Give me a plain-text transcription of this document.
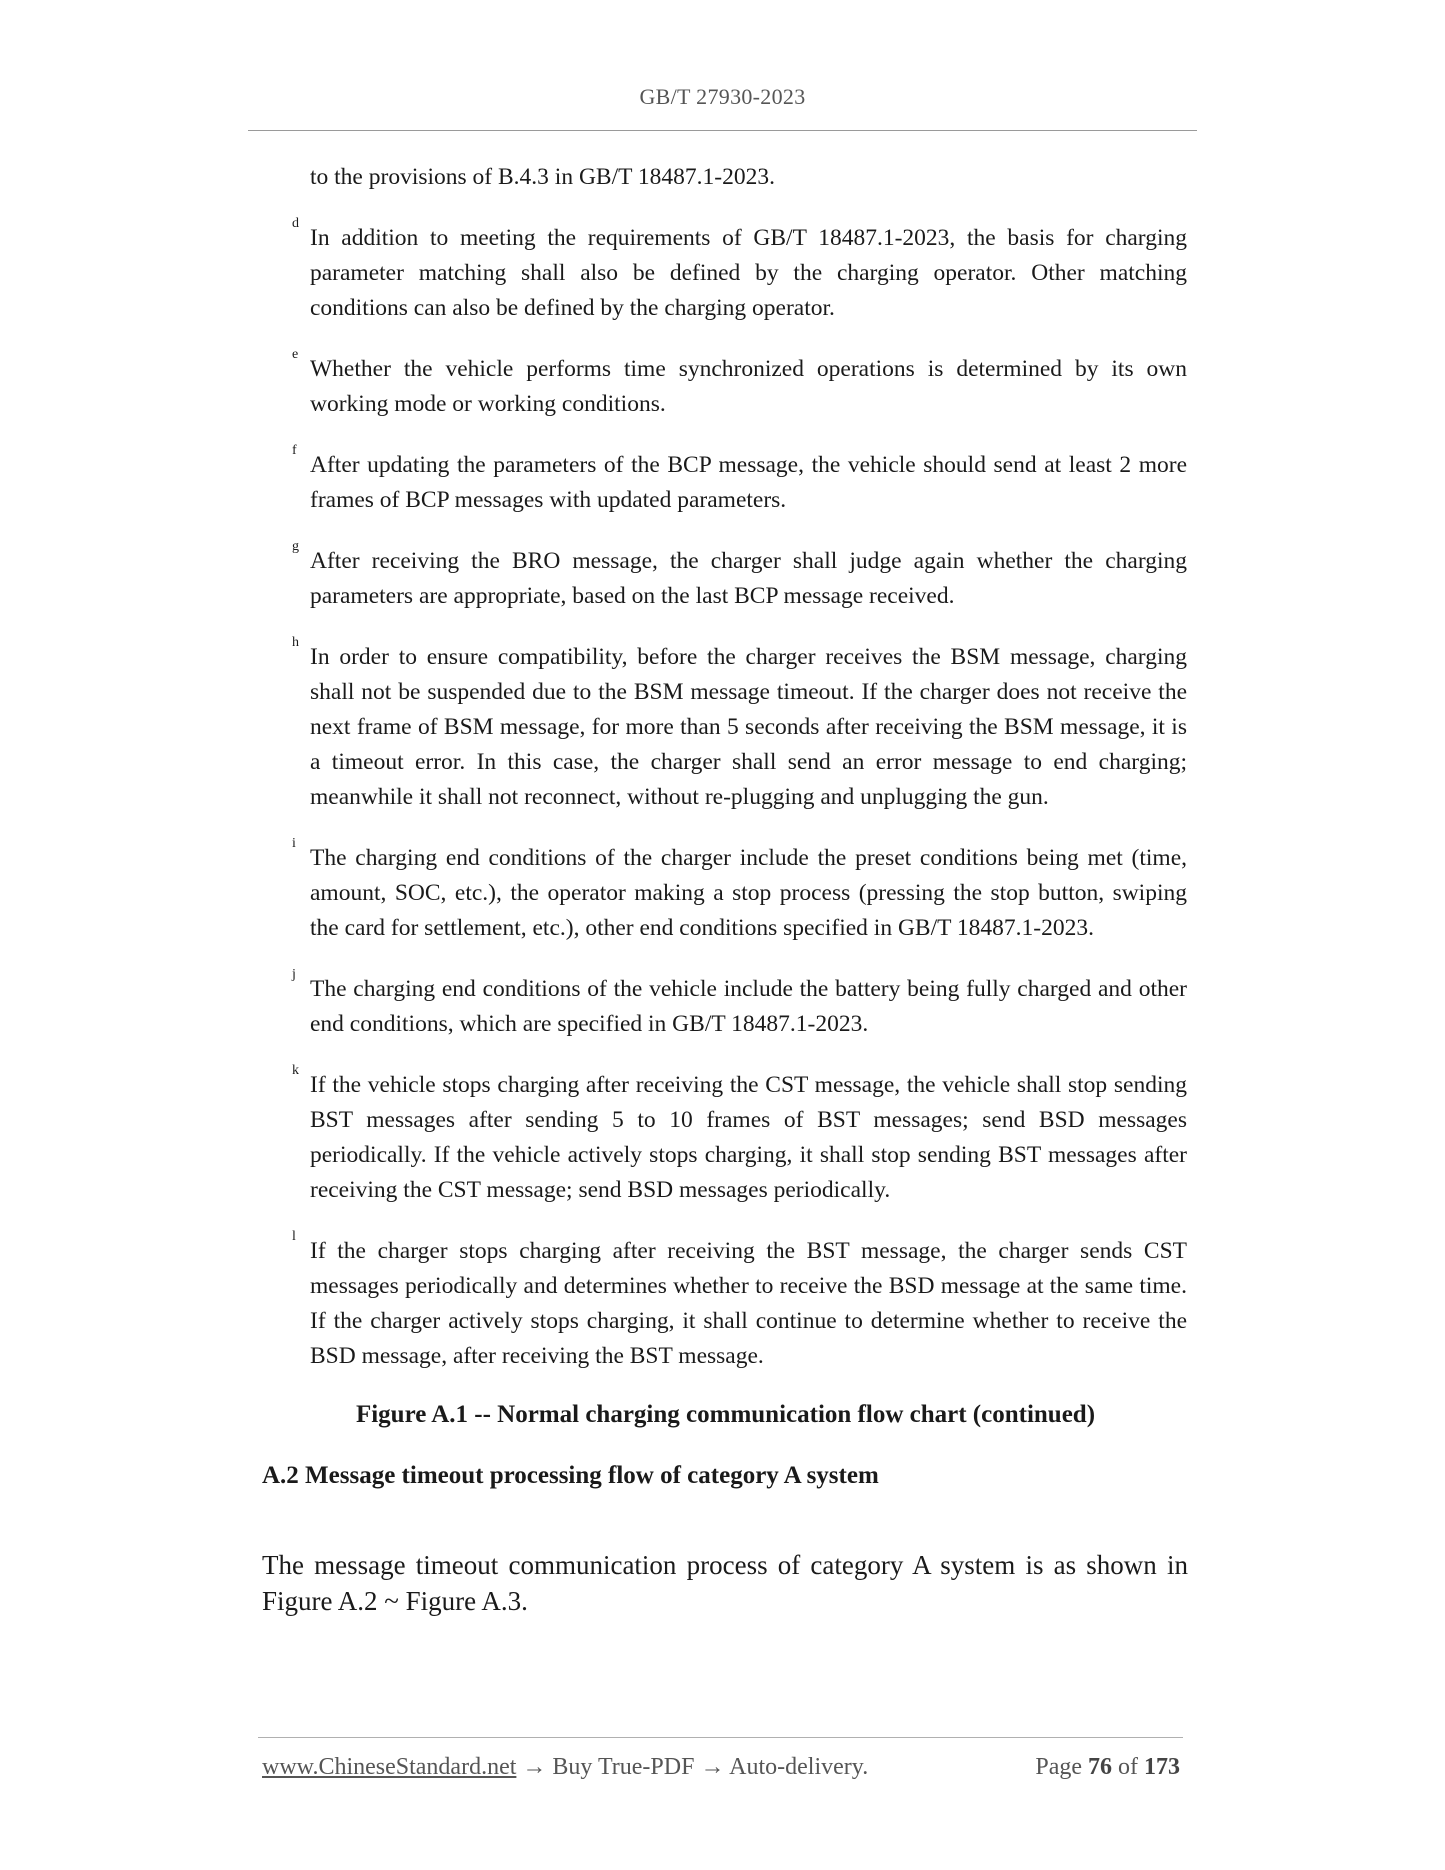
GB/T 27930-2023

to the provisions of B.4.3 in GB/T 18487.1-2023.

d
In addition to meeting the requirements of GB/T 18487.1-2023, the basis for charging parameter matching shall also be defined by the charging operator. Other matching conditions can also be defined by the charging operator.

e
Whether the vehicle performs time synchronized operations is determined by its own working mode or working conditions.

f
After updating the parameters of the BCP message, the vehicle should send at least 2 more frames of BCP messages with updated parameters.

g
After receiving the BRO message, the charger shall judge again whether the charging parameters are appropriate, based on the last BCP message received.

h
In order to ensure compatibility, before the charger receives the BSM message, charging shall not be suspended due to the BSM message timeout. If the charger does not receive the next frame of BSM message, for more than 5 seconds after receiving the BSM message, it is a timeout error. In this case, the charger shall send an error message to end charging; meanwhile it shall not reconnect, without re-plugging and unplugging the gun.

i
The charging end conditions of the charger include the preset conditions being met (time, amount, SOC, etc.), the operator making a stop process (pressing the stop button, swiping the card for settlement, etc.), other end conditions specified in GB/T 18487.1-2023.

j
The charging end conditions of the vehicle include the battery being fully charged and other end conditions, which are specified in GB/T 18487.1-2023.

k
If the vehicle stops charging after receiving the CST message, the vehicle shall stop sending BST messages after sending 5 to 10 frames of BST messages; send BSD messages periodically. If the vehicle actively stops charging, it shall stop sending BST messages after receiving the CST message; send BSD messages periodically.

l
If the charger stops charging after receiving the BST message, the charger sends CST messages periodically and determines whether to receive the BSD message at the same time. If the charger actively stops charging, it shall continue to determine whether to receive the BSD message, after receiving the BST message.

Figure A.1 -- Normal charging communication flow chart (continued)
A.2 Message timeout processing flow of category A system

The message timeout communication process of category A system is as shown in Figure A.2 ~ Figure A.3.

www.ChineseStandard.net → Buy True-PDF → Auto-delivery.	Page 76 of 173
